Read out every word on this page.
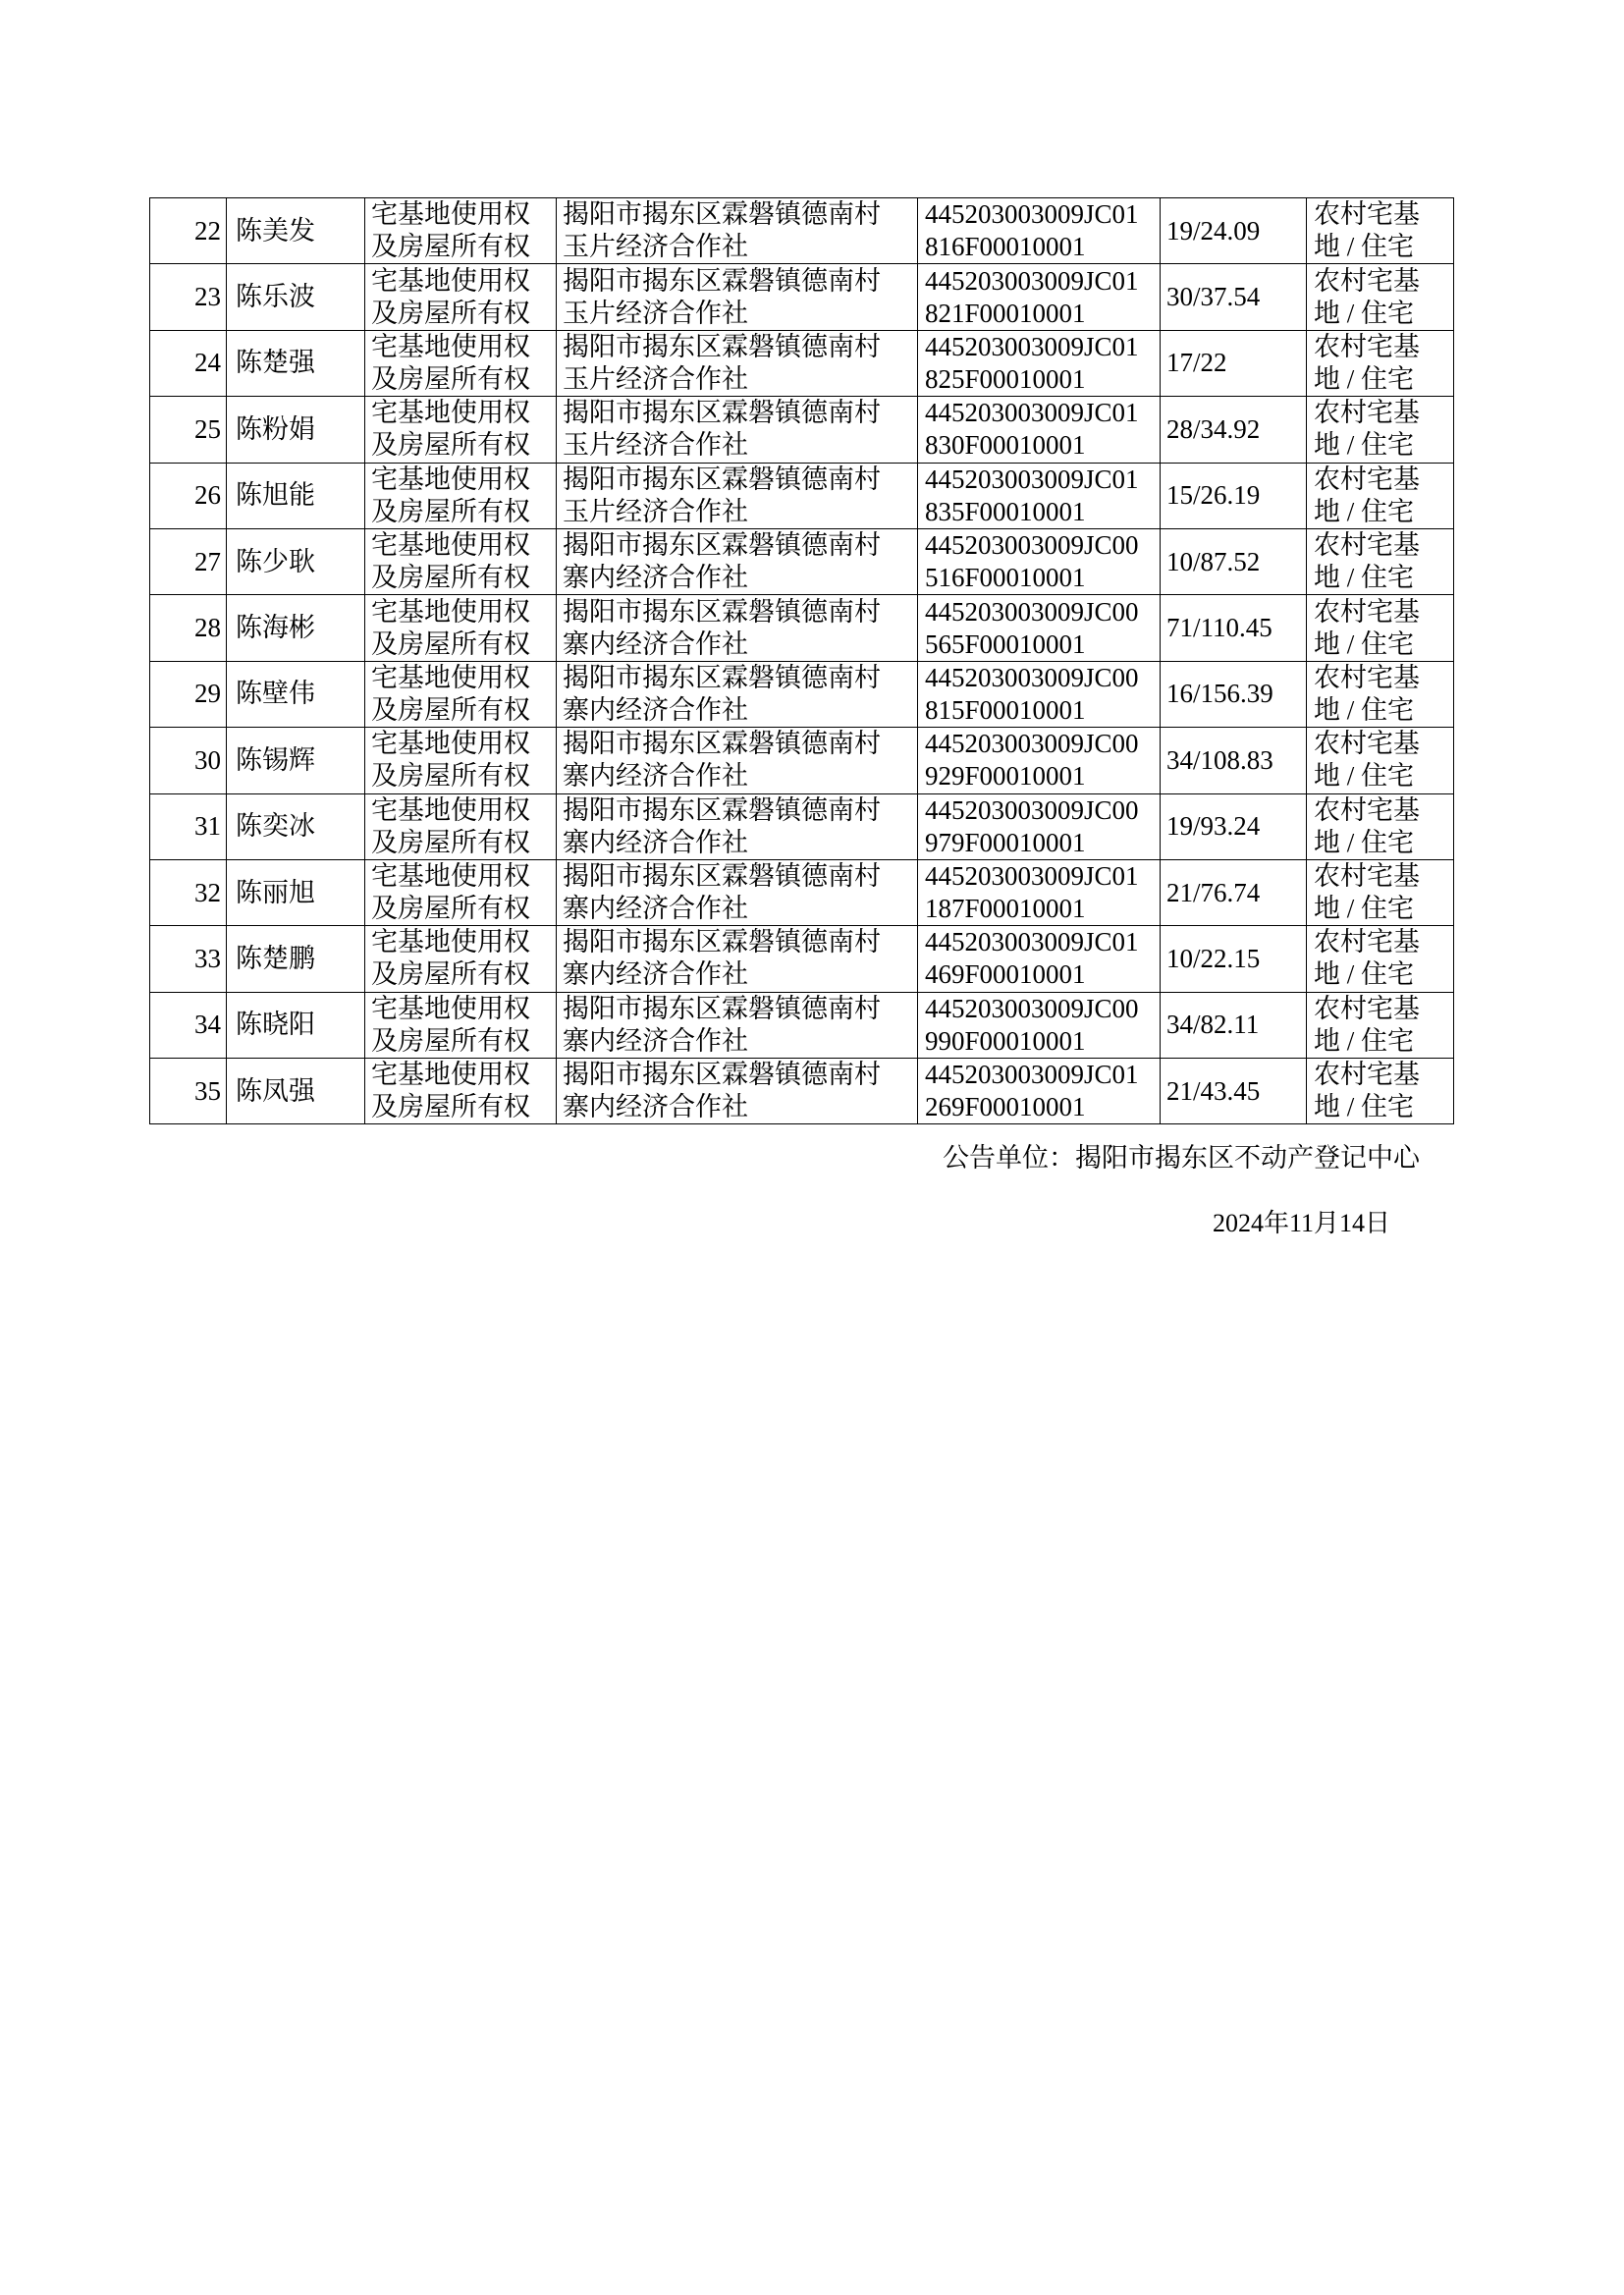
22	陈美发	宅基地使用权及房屋所有权	揭阳市揭东区霖磐镇德南村玉片经济合作社	445203003009JC01816F00010001	19/24.09	农村宅基地 / 住宅

23	陈乐波	宅基地使用权及房屋所有权	揭阳市揭东区霖磐镇德南村玉片经济合作社	445203003009JC01821F00010001	30/37.54	农村宅基地 / 住宅

24	陈楚强	宅基地使用权及房屋所有权	揭阳市揭东区霖磐镇德南村玉片经济合作社	445203003009JC01825F00010001	17/22	农村宅基地 / 住宅

25	陈粉娟	宅基地使用权及房屋所有权	揭阳市揭东区霖磐镇德南村玉片经济合作社	445203003009JC01830F00010001	28/34.92	农村宅基地 / 住宅

26	陈旭能	宅基地使用权及房屋所有权	揭阳市揭东区霖磐镇德南村玉片经济合作社	445203003009JC01835F00010001	15/26.19	农村宅基地 / 住宅

27	陈少耿	宅基地使用权及房屋所有权	揭阳市揭东区霖磐镇德南村寨内经济合作社	445203003009JC00516F00010001	10/87.52	农村宅基地 / 住宅

28	陈海彬	宅基地使用权及房屋所有权	揭阳市揭东区霖磐镇德南村寨内经济合作社	445203003009JC00565F00010001	71/110.45	农村宅基地 / 住宅

29	陈壁伟	宅基地使用权及房屋所有权	揭阳市揭东区霖磐镇德南村寨内经济合作社	445203003009JC00815F00010001	16/156.39	农村宅基地 / 住宅

30	陈锡辉	宅基地使用权及房屋所有权	揭阳市揭东区霖磐镇德南村寨内经济合作社	445203003009JC00929F00010001	34/108.83	农村宅基地 / 住宅

31	陈奕冰	宅基地使用权及房屋所有权	揭阳市揭东区霖磐镇德南村寨内经济合作社	445203003009JC00979F00010001	19/93.24	农村宅基地 / 住宅

32	陈丽旭	宅基地使用权及房屋所有权	揭阳市揭东区霖磐镇德南村寨内经济合作社	445203003009JC01187F00010001	21/76.74	农村宅基地 / 住宅

33	陈楚鹏	宅基地使用权及房屋所有权	揭阳市揭东区霖磐镇德南村寨内经济合作社	445203003009JC01469F00010001	10/22.15	农村宅基地 / 住宅

34	陈晓阳	宅基地使用权及房屋所有权	揭阳市揭东区霖磐镇德南村寨内经济合作社	445203003009JC00990F00010001	34/82.11	农村宅基地 / 住宅

35	陈凤强	宅基地使用权及房屋所有权	揭阳市揭东区霖磐镇德南村寨内经济合作社	445203003009JC01269F00010001	21/43.45	农村宅基地 / 住宅
公告单位：揭阳市揭东区不动产登记中心
2024年11月14日
